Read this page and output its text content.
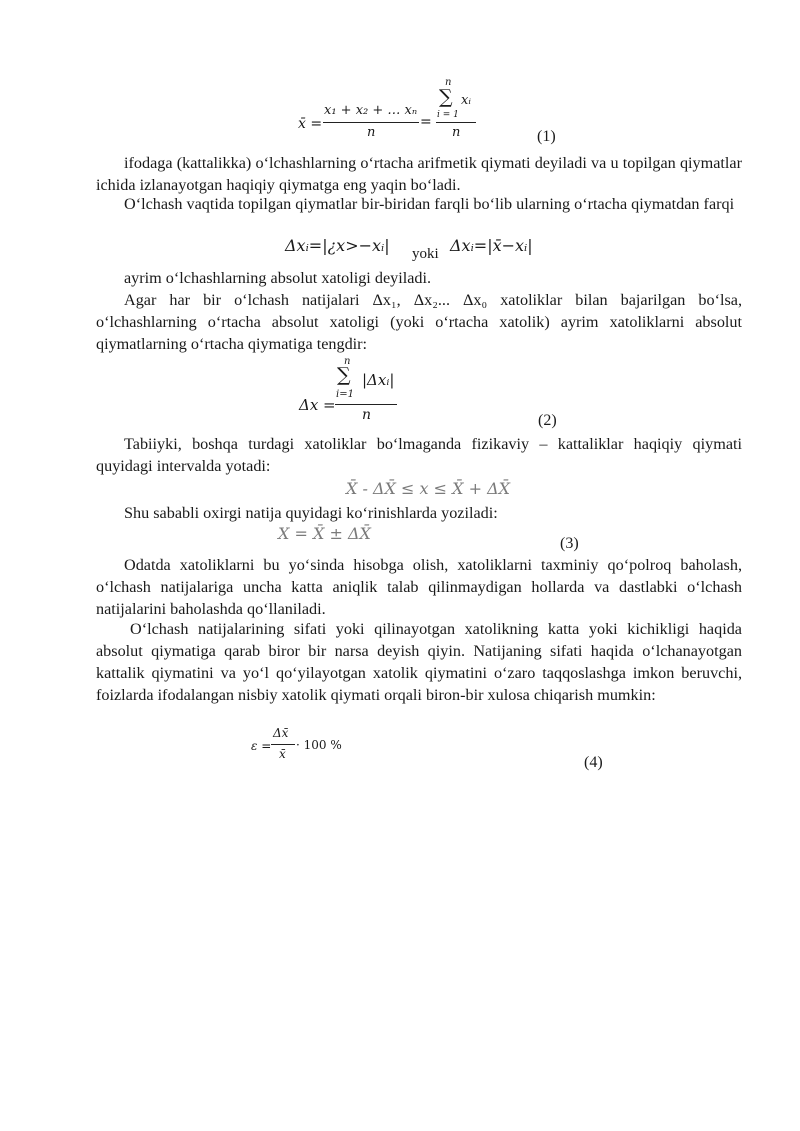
x̄ =
x₁ + x₂ + … xₙ
n
=
n
∑
i = 1
xᵢ
n	(1)

ifodaga (kattalikka) o‘lchashlarning o‘rtacha arifmetik qiymati deyiladi va u topilgan qiymatlar ichida izlanayotgan haqiqiy qiymatga eng yaqin bo‘ladi.

O‘lchash vaqtida topilgan qiymatlar bir-biridan farqli bo‘lib ularning o‘rtacha qiymatdan farqi

Δxᵢ=|¿x>−xᵢ| yoki Δxᵢ=|x̄−xᵢ|

ayrim o‘lchashlarning absolut xatoligi deyiladi.

Agar har bir o‘lchash natijalari Δx₁, Δx₂... Δx₀ xatoliklar bilan bajarilgan bo‘lsa, o‘lchashlarning o‘rtacha absolut xatoligi (yoki o‘rtacha xatolik) ayrim xatoliklarni absolut qiymatlarning o‘rtacha qiymatiga tengdir:

Δx =
n
∑
i=1
|Δxᵢ|
n	(2)

Tabiiyki, boshqa turdagi xatoliklar bo‘lmaganda fizikaviy – kattaliklar haqiqiy qiymati quyidagi intervalda yotadi:

X̄ - ΔX̄ ≤ x ≤ X̄ + ΔX̄

Shu sababli oxirgi natija quyidagi ko‘rinishlarda yoziladi:

X = X̄ ± ΔX̄
(3)

Odatda xatoliklarni bu yo‘sinda hisobga olish, xatoliklarni taxminiy qo‘polroq baholash, o‘lchash natijalariga uncha katta aniqlik talab qilinmaydigan hollarda va dastlabki o‘lchash natijalarini baholashda qo‘llaniladi.

O‘lchash natijalarining sifati yoki qilinayotgan xatolikning katta yoki kichikligi haqida absolut qiymatiga qarab biror bir narsa deyish qiyin. Natijaning sifati haqida o‘lchanayotgan kattalik qiymatini va yo‘l qo‘yilayotgan xatolik qiymatini o‘zaro taqqoslashga imkon beruvchi, foizlarda ifodalangan nisbiy xatolik qiymati orqali biron-bir xulosa chiqarish mumkin:

ε =
Δx̄
x̄
· 100 %
(4)
